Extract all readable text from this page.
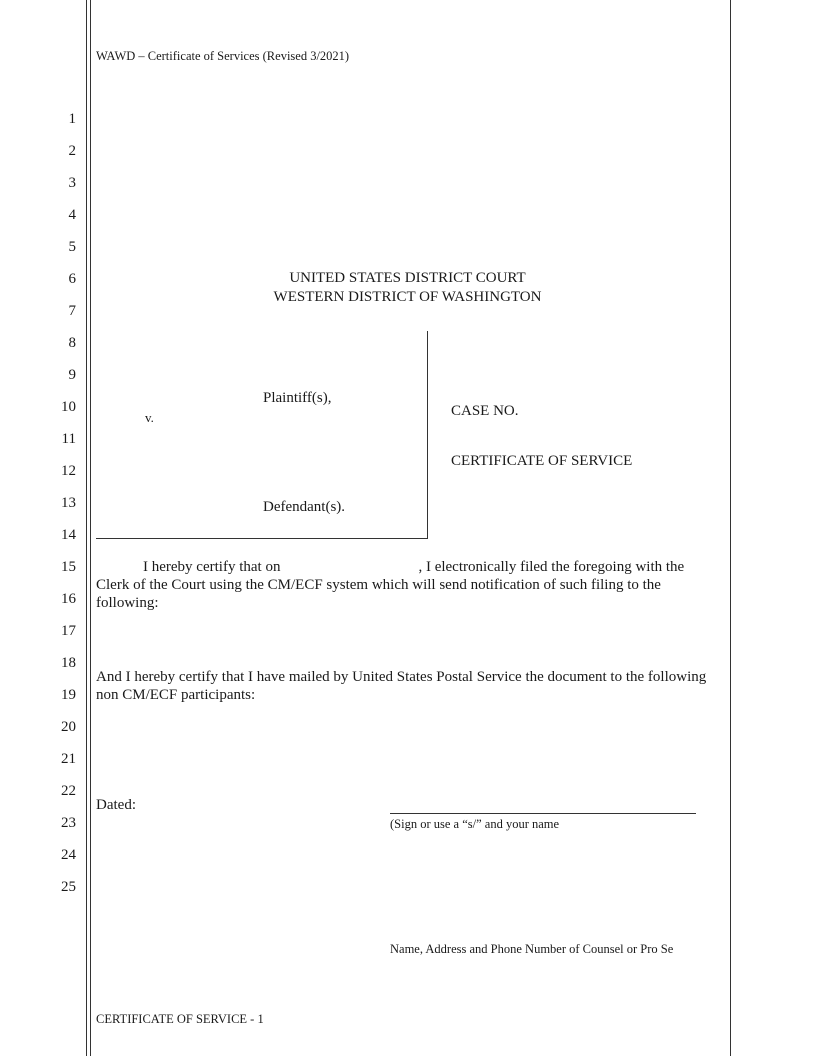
WAWD – Certificate of Services (Revised 3/2021)
1
2
3
4
5
6
7
8
9
10
11
12
13
14
15
16
17
18
19
20
21
22
23
24
25
UNITED STATES DISTRICT COURT
WESTERN DISTRICT OF WASHINGTON
Plaintiff(s),
v.
Defendant(s).
CASE NO.
CERTIFICATE OF SERVICE
I hereby certify that on	, I electronically filed the foregoing with the Clerk of the Court using the CM/ECF system which will send notification of such filing to the following:
And I hereby certify that I have mailed by United States Postal Service the document to the following non CM/ECF participants:
Dated:
(Sign or use a “s/” and your name
Name, Address and Phone Number of Counsel or Pro Se
CERTIFICATE OF SERVICE - 1
